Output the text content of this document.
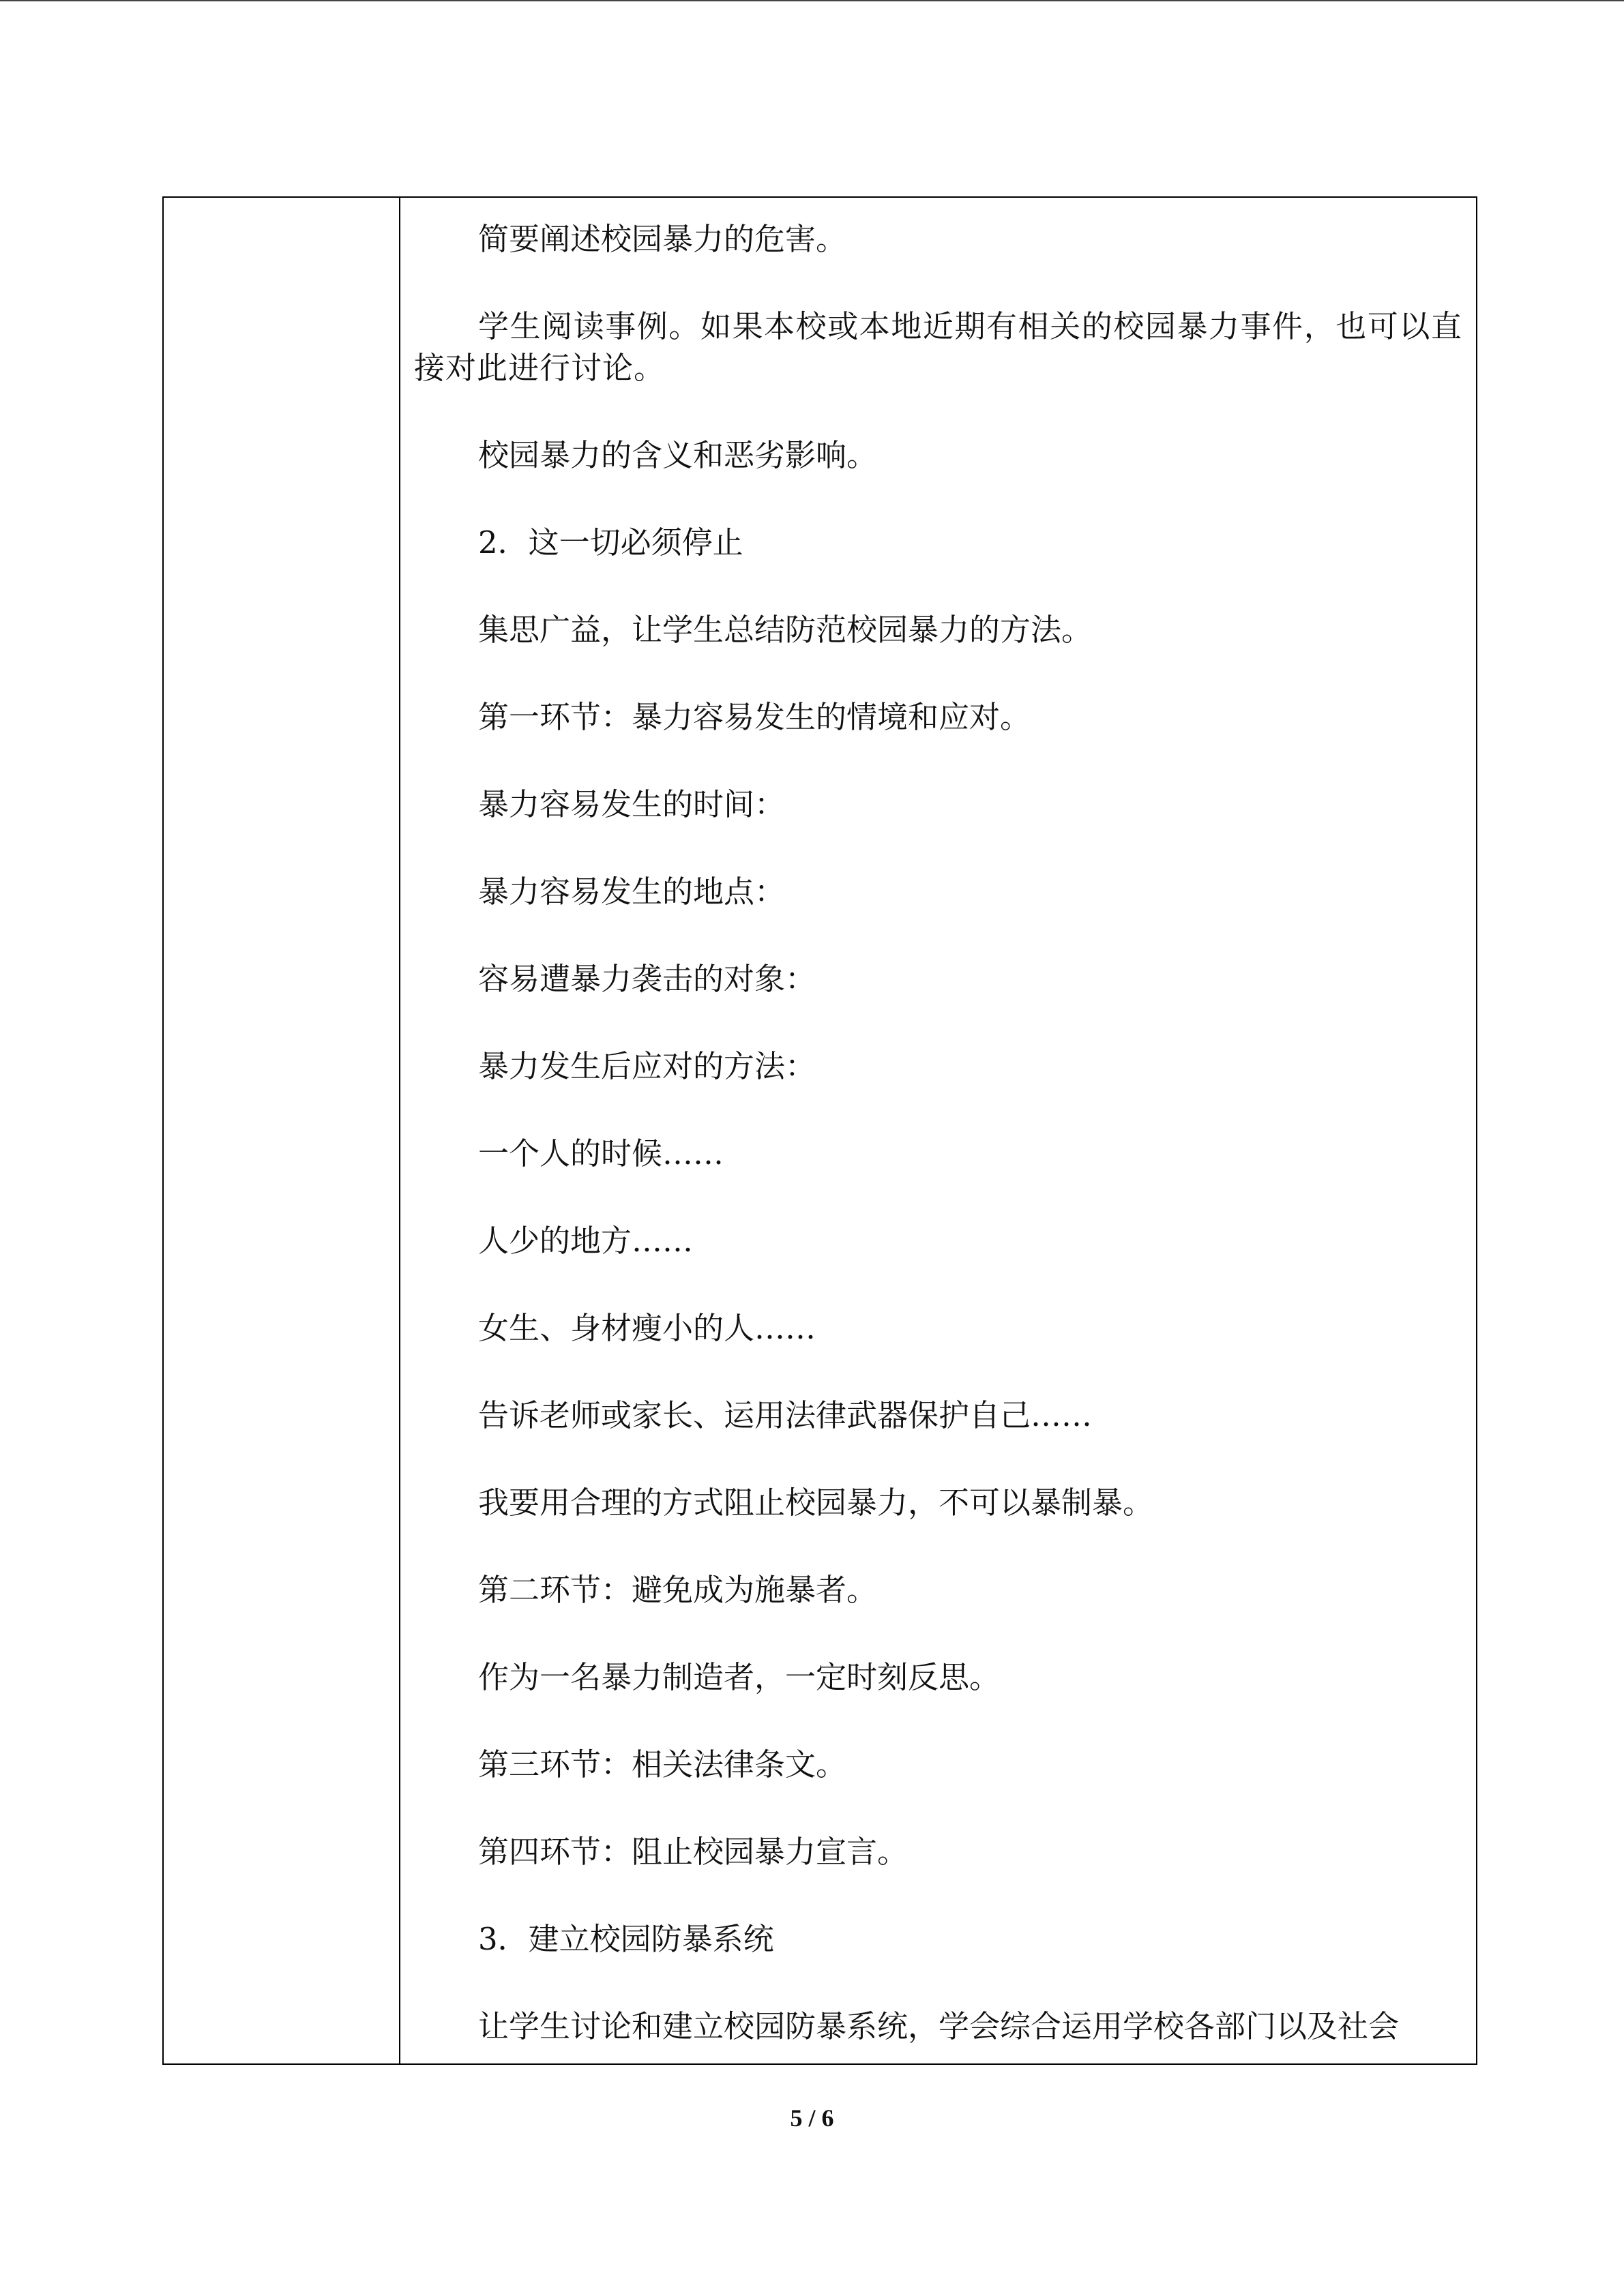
简要阐述校园暴力的危害。

学生阅读事例。如果本校或本地近期有相关的校园暴力事件，也可以直接对此进行讨论。

校园暴力的含义和恶劣影响。

2．这一切必须停止

集思广益，让学生总结防范校园暴力的方法。

第一环节：暴力容易发生的情境和应对。

暴力容易发生的时间：

暴力容易发生的地点：

容易遭暴力袭击的对象：

暴力发生后应对的方法：

一个人的时候……

人少的地方……

女生、身材瘦小的人……

告诉老师或家长、运用法律武器保护自己……

我要用合理的方式阻止校园暴力，不可以暴制暴。

第二环节：避免成为施暴者。

作为一名暴力制造者，一定时刻反思。

第三环节：相关法律条文。

第四环节：阻止校园暴力宣言。

3．建立校园防暴系统

让学生讨论和建立校园防暴系统，学会综合运用学校各部门以及社会

5 / 6
